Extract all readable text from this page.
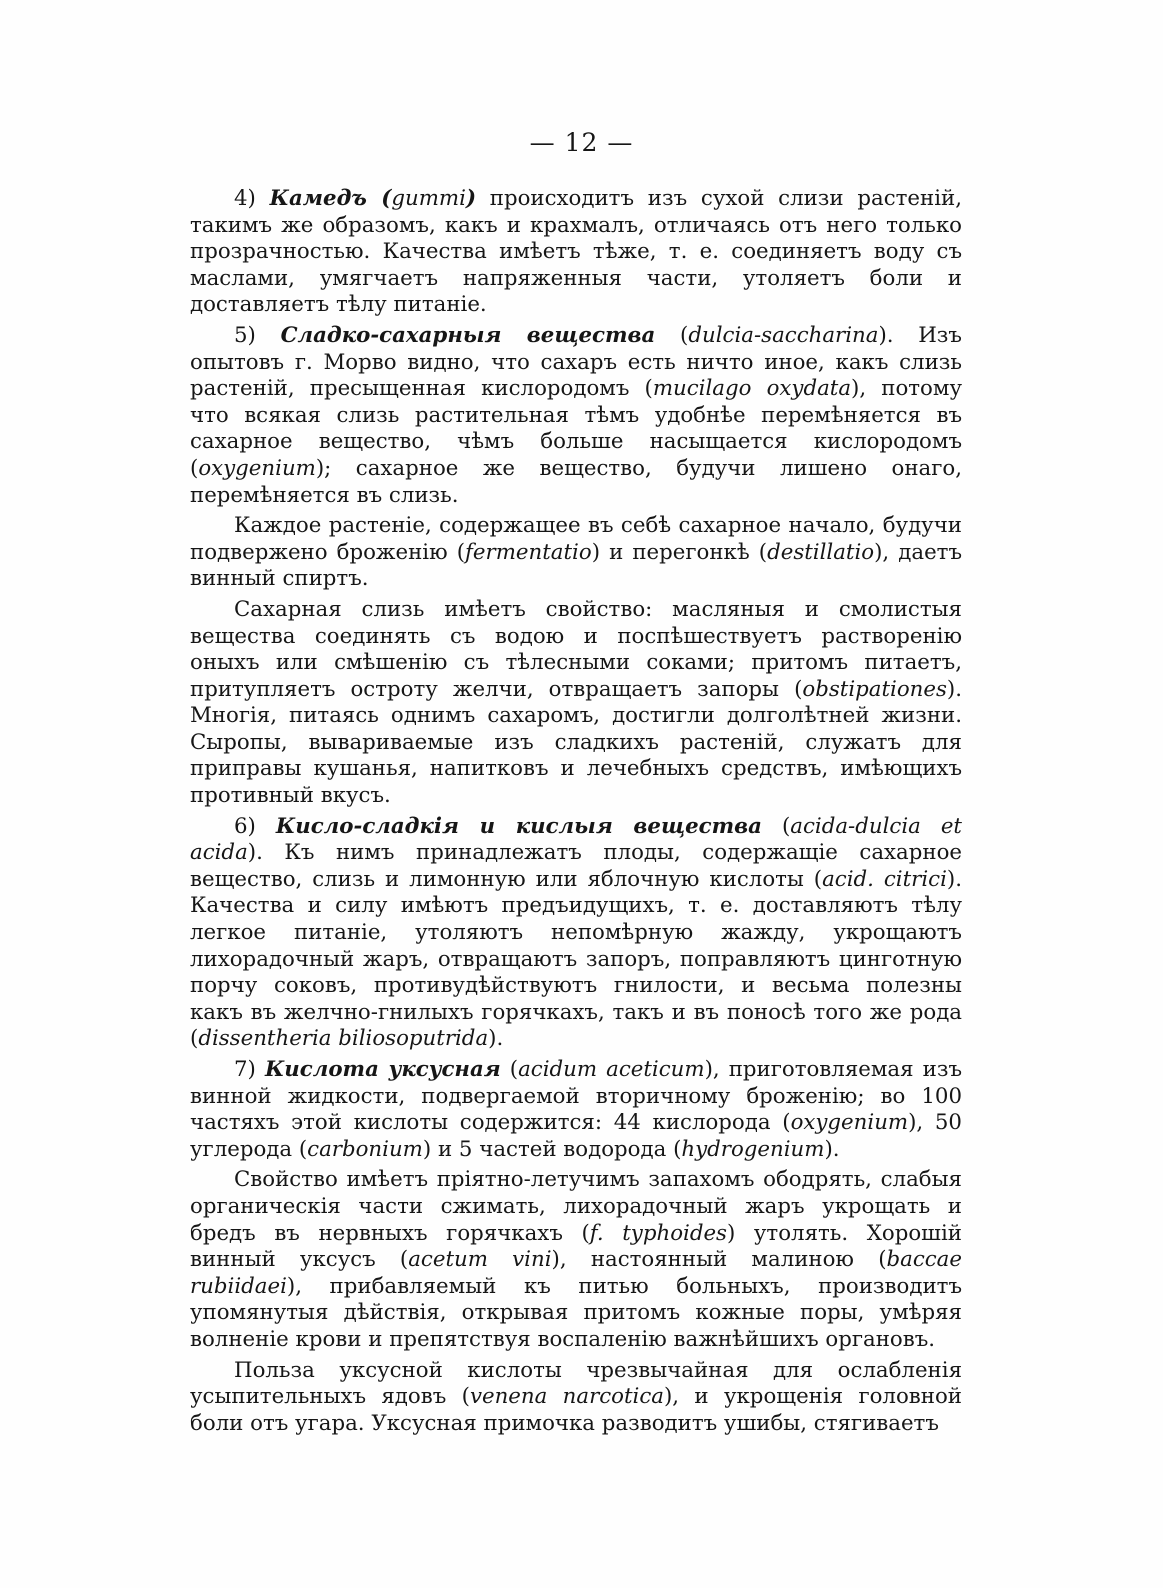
— 12 —

4) Камедъ (gummi) происходитъ изъ сухой слизи растенiй, такимъ же образомъ, какъ и крахмалъ, отличаясь отъ него только прозрачностью. Качества имѣетъ тѣже, т. е. соединяетъ воду съ маслами, умягчаетъ напряженныя части, утоляетъ боли и доставляетъ тѣлу питанiе.

5) Сладко-сахарныя вещества (dulcia-saccharina). Изъ опытовъ г. Морво видно, что сахаръ есть ничто иное, какъ слизь растенiй, пресыщенная кислородомъ (mucilago oxydata), потому что всякая слизь растительная тѣмъ удобнѣе перемѣняется въ сахарное вещество, чѣмъ больше насыщается кислородомъ (oxygenium); сахарное же вещество, будучи лишено онаго, перемѣняется въ слизь.

Каждое растенiе, содержащее въ себѣ сахарное начало, будучи подвержено броженiю (fermentatio) и перегонкѣ (destillatio), даетъ винный спиртъ.

Сахарная слизь имѣетъ свойство: масляныя и смолистыя вещества соединять съ водою и поспѣшествуетъ растворенiю оныхъ или смѣшенiю съ тѣлесными соками; притомъ питаетъ, притупляетъ остроту желчи, отвращаетъ запоры (obstipationes). Многiя, питаясь однимъ сахаромъ, достигли долголѣтней жизни. Сыропы, вывариваемые изъ сладкихъ растенiй, служатъ для приправы кушанья, напитковъ и лечебныхъ средствъ, имѣющихъ противный вкусъ.

6) Кисло-сладкiя и кислыя вещества (acida-dulcia et acida). Къ нимъ принадлежатъ плоды, содержащiе сахарное вещество, слизь и лимонную или яблочную кислоты (acid. citrici). Качества и силу имѣютъ предъидущихъ, т. е. доставляютъ тѣлу легкое питанiе, утоляютъ непомѣрную жажду, укрощаютъ лихорадочный жаръ, отвращаютъ запоръ, поправляютъ цинготную порчу соковъ, противудѣйствуютъ гнилости, и весьма полезны какъ въ желчно-гнилыхъ горячкахъ, такъ и въ поносѣ того же рода (dissentheria biliosoputrida).

7) Кислота уксусная (acidum aceticum), приготовляемая изъ винной жидкости, подвергаемой вторичному броженiю; во 100 частяхъ этой кислоты содержится: 44 кислорода (oxygenium), 50 углерода (carbonium) и 5 частей водорода (hydrogenium).

Свойство имѣетъ прiятно-летучимъ запахомъ ободрять, слабыя органическiя части сжимать, лихорадочный жаръ укрощать и бредъ въ нервныхъ горячкахъ (f. typhoides) утолять. Хорошiй винный уксусъ (acetum vini), настоянный малиною (baccae rubiidaei), прибавляемый къ питью больныхъ, производитъ упомянутыя дѣйствiя, открывая притомъ кожные поры, умѣряя волненiе крови и препятствуя воспаленiю важнѣйшихъ органовъ.

Польза уксусной кислоты чрезвычайная для ослабленiя усыпительныхъ ядовъ (venena narcotica), и укрощенiя головной боли отъ угара. Уксусная примочка разводитъ ушибы, стягиваетъ
